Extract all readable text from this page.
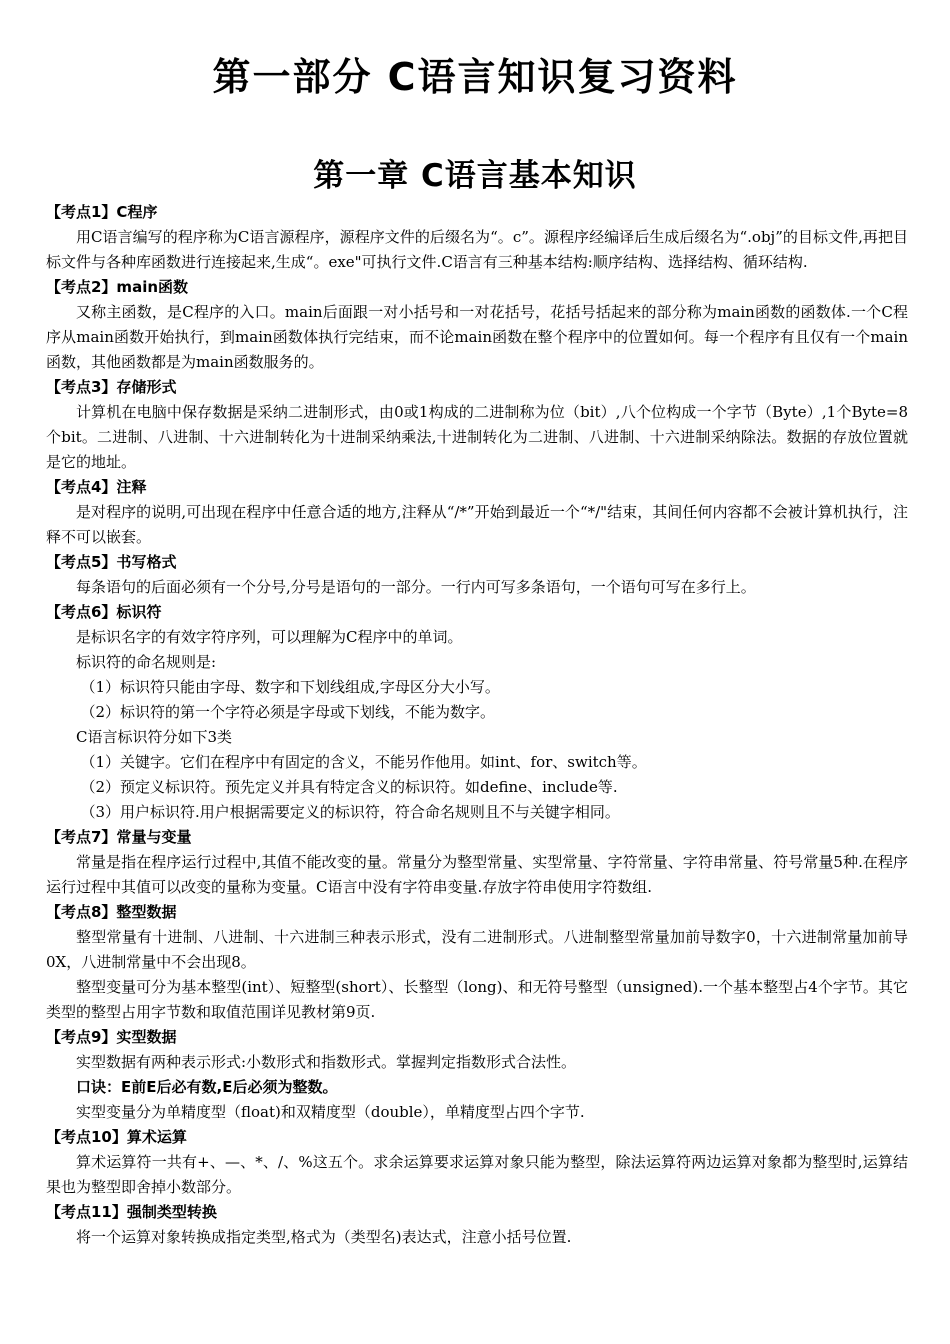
第一部分 C语言知识复习资料
第一章 C语言基本知识
【考点1】C程序

用C语言编写的程序称为C语言源程序，源程序文件的后缀名为“。c”。源程序经编译后生成后缀名为“.obj”的目标文件,再把目标文件与各种库函数进行连接起来,生成“。exe"可执行文件.C语言有三种基本结构:顺序结构、选择结构、循环结构.

【考点2】main函数

又称主函数，是C程序的入口。main后面跟一对小括号和一对花括号，花括号括起来的部分称为main函数的函数体.一个C程序从main函数开始执行，到main函数体执行完结束，而不论main函数在整个程序中的位置如何。每一个程序有且仅有一个main函数，其他函数都是为main函数服务的。

【考点3】存储形式

计算机在电脑中保存数据是采纳二进制形式，由0或1构成的二进制称为位（bit）,八个位构成一个字节（Byte）,1个Byte=8个bit。二进制、八进制、十六进制转化为十进制采纳乘法,十进制转化为二进制、八进制、十六进制采纳除法。数据的存放位置就是它的地址。

【考点4】注释

是对程序的说明,可出现在程序中任意合适的地方,注释从“/*”开始到最近一个“*/"结束，其间任何内容都不会被计算机执行，注释不可以嵌套。

【考点5】书写格式

每条语句的后面必须有一个分号,分号是语句的一部分。一行内可写多条语句，一个语句可写在多行上。

【考点6】标识符

是标识名字的有效字符序列，可以理解为C程序中的单词。

标识符的命名规则是:

（1）标识符只能由字母、数字和下划线组成,字母区分大小写。

（2）标识符的第一个字符必须是字母或下划线，不能为数字。

C语言标识符分如下3类

（1）关键字。它们在程序中有固定的含义，不能另作他用。如int、for、switch等。

（2）预定义标识符。预先定义并具有特定含义的标识符。如define、include等.

（3）用户标识符.用户根据需要定义的标识符，符合命名规则且不与关键字相同。

【考点7】常量与变量

常量是指在程序运行过程中,其值不能改变的量。常量分为整型常量、实型常量、字符常量、字符串常量、符号常量5种.在程序运行过程中其值可以改变的量称为变量。C语言中没有字符串变量.存放字符串使用字符数组.

【考点8】整型数据

整型常量有十进制、八进制、十六进制三种表示形式，没有二进制形式。八进制整型常量加前导数字0，十六进制常量加前导0X，八进制常量中不会出现8。

整型变量可分为基本整型(int）、短整型(short）、长整型（long)、和无符号整型（unsigned).一个基本整型占4个字节。其它类型的整型占用字节数和取值范围详见教材第9页.

【考点9】实型数据

实型数据有两种表示形式:小数形式和指数形式。掌握判定指数形式合法性。

口诀：E前E后必有数,E后必须为整数。

实型变量分为单精度型（float)和双精度型（double），单精度型占四个字节.

【考点10】算术运算

算术运算符一共有+、—、*、/、%这五个。求余运算要求运算对象只能为整型，除法运算符两边运算对象都为整型时,运算结果也为整型即舍掉小数部分。

【考点11】强制类型转换

将一个运算对象转换成指定类型,格式为（类型名)表达式，注意小括号位置.
